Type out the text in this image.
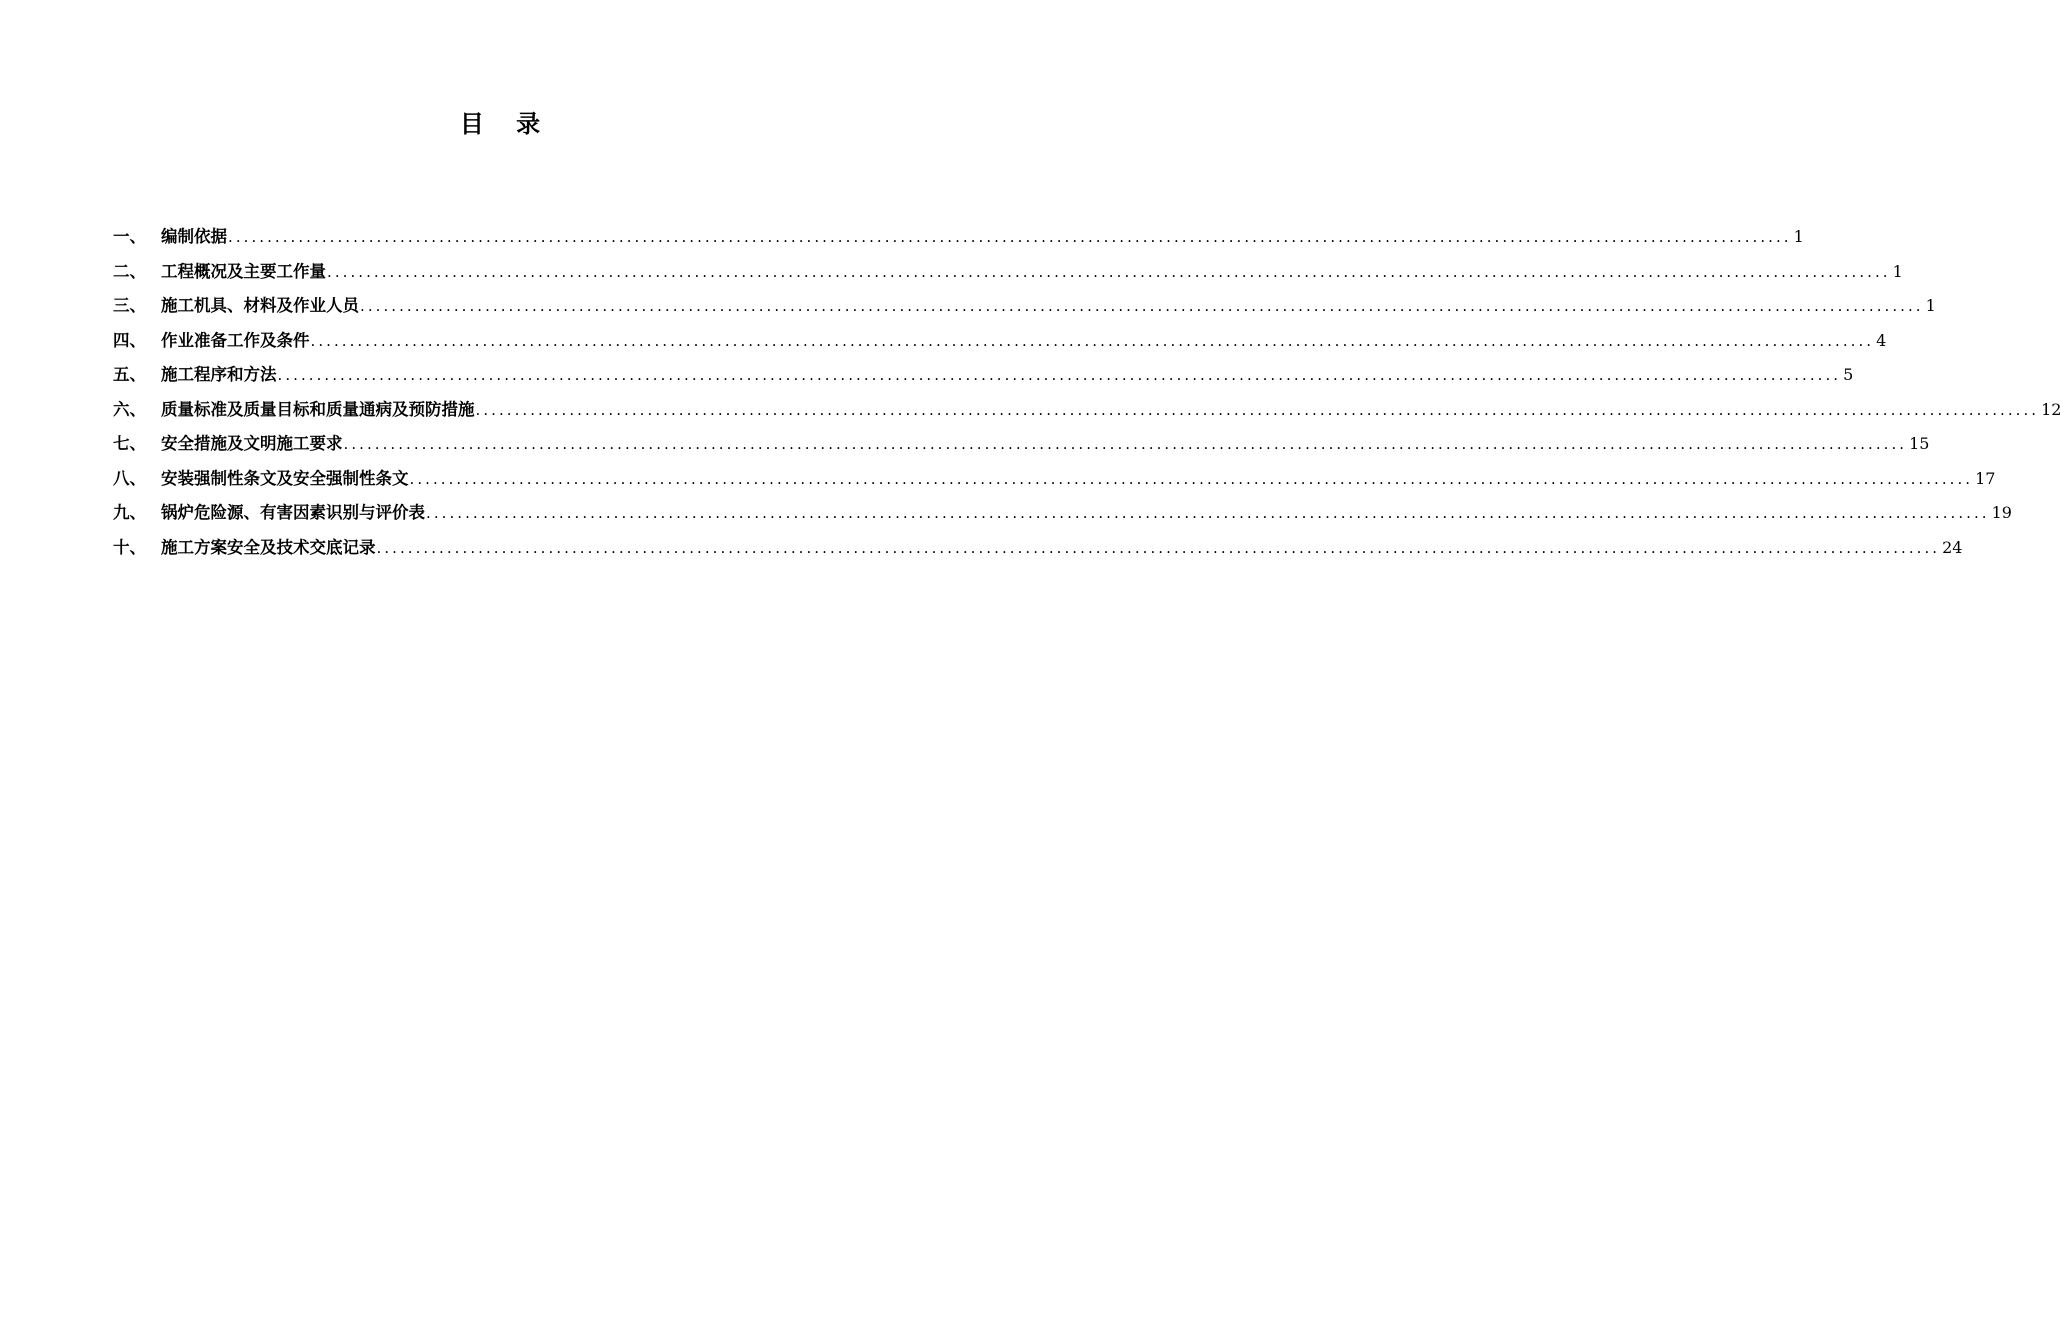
目 录
一、 编制依据 ........................................................................................................................................................................................................ 1
二、 工程概况及主要工作量 ........................................................................................................................................................................................................ 1
三、 施工机具、材料及作业人员 ........................................................................................................................................................................................................ 1
四、 作业准备工作及条件 ........................................................................................................................................................................................................ 4
五、 施工程序和方法 ........................................................................................................................................................................................................ 5
六、 质量标准及质量目标和质量通病及预防措施 ........................................................................................................................................................................................................ 12
七、 安全措施及文明施工要求 ........................................................................................................................................................................................................ 15
八、 安装强制性条文及安全强制性条文 ........................................................................................................................................................................................................ 17
九、 锅炉危险源、有害因素识别与评价表 ........................................................................................................................................................................................................ 19
十、 施工方案安全及技术交底记录 ........................................................................................................................................................................................................ 24
